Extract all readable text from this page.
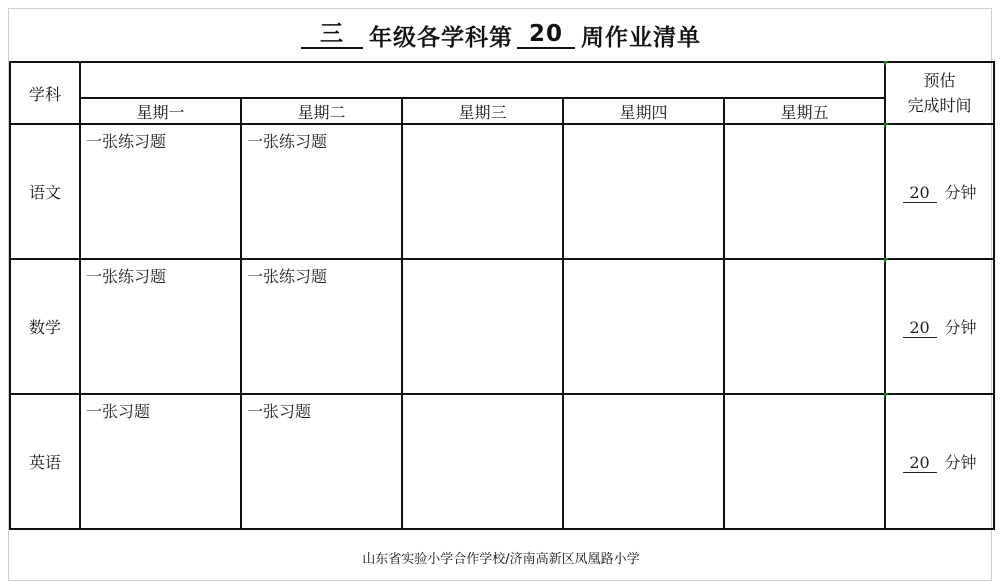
三	年级各学科第 20 周作业清单
学科						预估
完成时间

	星期一	星期二	星期三	星期四	星期五	
语文	一张练习题	一张练习题				20 分钟
数学	一张练习题	一张练习题				20 分钟
英语	一张习题	一张习题				20 分钟
山东省实验小学合作学校/济南高新区凤凰路小学
